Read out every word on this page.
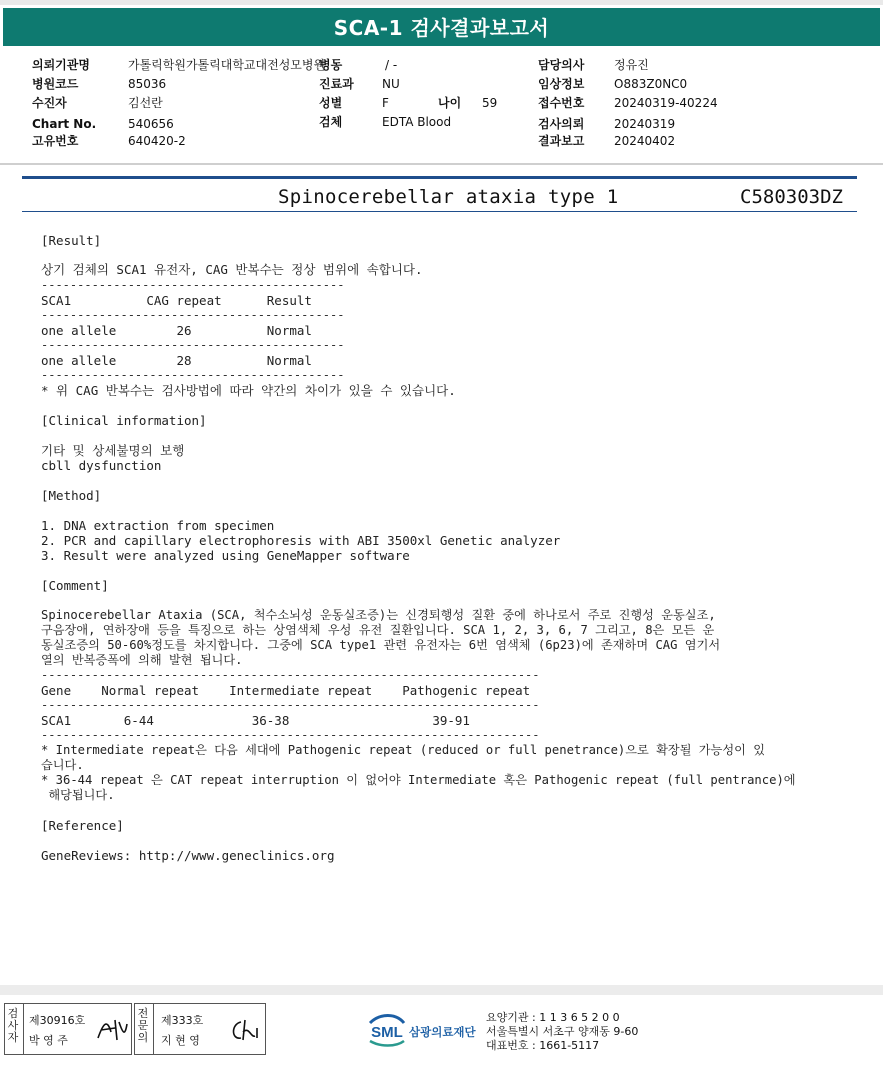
SCA-1 검사결과보고서
의뢰기관명	가톨릭학원가톨릭대학교대전성모병원
병동	/ -	담당의사 정유진
병원코드	85036	진료과 NU	임상정보 O883Z0NC0
수진자	김선란	성별	F	나이 59	접수번호 20240319-40224
Chart No.	540656	검체	EDTA Blood	검사의뢰 20240319
고유번호	640420-2	결과보고 20240402
Spinocerebellar ataxia type 1	C580303DZ
[Result]
상기 검체의 SCA1 유전자, CAG 반복수는 정상 범위에 속합니다.
------------------------------------------
SCA1          CAG repeat      Result
------------------------------------------
one allele        26          Normal
------------------------------------------
one allele        28          Normal
------------------------------------------
* 위 CAG 반복수는 검사방법에 따라 약간의 차이가 있을 수 있습니다.
[Clinical information]
기타 및 상세불명의 보행
cbll dysfunction
[Method]
1. DNA extraction from specimen
2. PCR and capillary electrophoresis with ABI 3500xl Genetic analyzer
3. Result were analyzed using GeneMapper software
[Comment]
Spinocerebellar Ataxia (SCA, 척수소뇌성 운동실조증)는 신경퇴행성 질환 중에 하나로서 주로 진행성 운동실조,
구음장애, 연하장애 등을 특징으로 하는 상염색체 우성 유전 질환입니다. SCA 1, 2, 3, 6, 7 그리고, 8은 모든 운
동실조증의 50-60%정도를 차지합니다. 그중에 SCA type1 관련 유전자는 6번 염색체 (6p23)에 존재하며 CAG 염기서
열의 반복증폭에 의해 발현 됩니다.
---------------------------------------------------------------------
Gene    Normal repeat    Intermediate repeat    Pathogenic repeat
---------------------------------------------------------------------
SCA1       6-44             36-38                   39-91
---------------------------------------------------------------------
* Intermediate repeat은 다음 세대에 Pathogenic repeat (reduced or full penetrance)으로 확장될 가능성이 있
습니다.
* 36-44 repeat 은 CAT repeat interruption 이 없어야 Intermediate 혹은 Pathogenic repeat (full pentrance)에
해당됩니다.
[Reference]
GeneReviews: http://www.geneclinics.org
검사자
제30916호
박 영 주
전문의
제333호
지 현 영	SML 삼광의료재단
요양기관 : 1 1 3 6 5 2 0 0
서울특별시 서초구 양재동 9-60
대표번호 : 1661-5117
